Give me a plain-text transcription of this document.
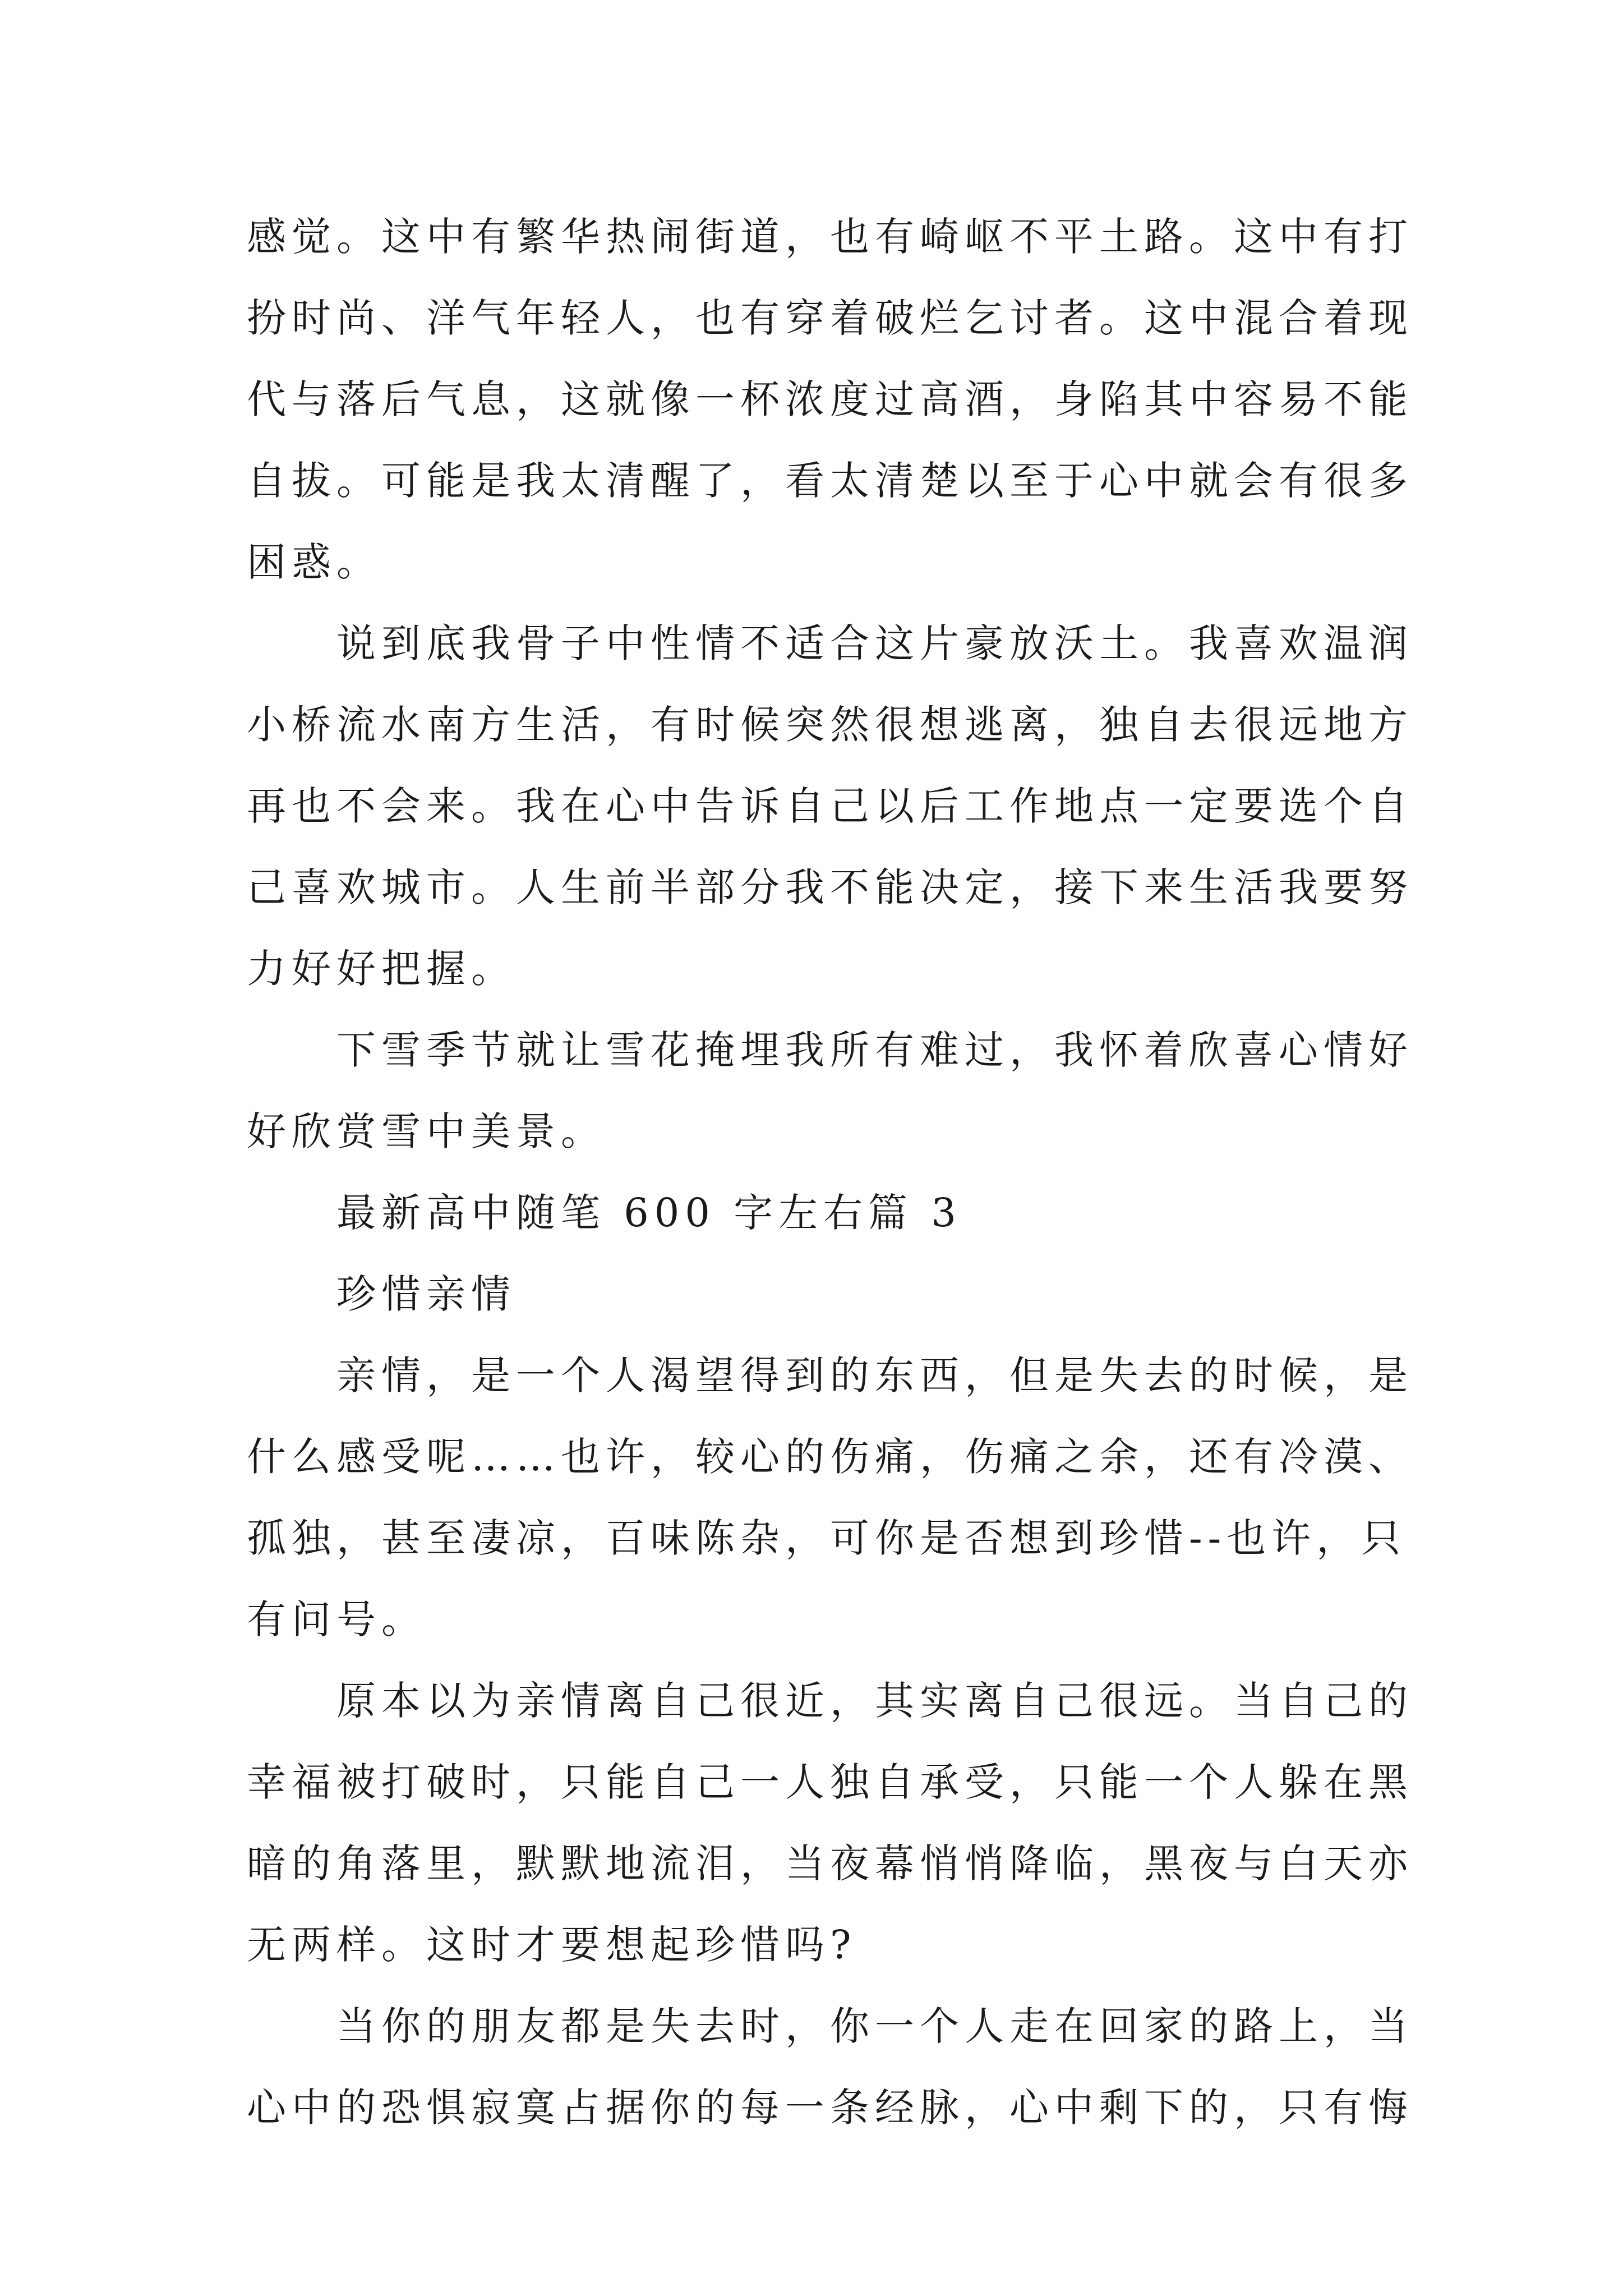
感觉。这中有繁华热闹街道，也有崎岖不平土路。这中有打
扮时尚、洋气年轻人，也有穿着破烂乞讨者。这中混合着现
代与落后气息，这就像一杯浓度过高酒，身陷其中容易不能
自拔。可能是我太清醒了，看太清楚以至于心中就会有很多
困惑。
说到底我骨子中性情不适合这片豪放沃土。我喜欢温润
小桥流水南方生活，有时候突然很想逃离，独自去很远地方
再也不会来。我在心中告诉自己以后工作地点一定要选个自
己喜欢城市。人生前半部分我不能决定，接下来生活我要努
力好好把握。
下雪季节就让雪花掩埋我所有难过，我怀着欣喜心情好
好欣赏雪中美景。
最新高中随笔 600 字左右篇 3
珍惜亲情
亲情，是一个人渴望得到的东西，但是失去的时候，是
什么感受呢……也许，较心的伤痛，伤痛之余，还有冷漠、
孤独，甚至凄凉，百味陈杂，可你是否想到珍惜--也许，只
有问号。
原本以为亲情离自己很近，其实离自己很远。当自己的
幸福被打破时，只能自己一人独自承受，只能一个人躲在黑
暗的角落里，默默地流泪，当夜幕悄悄降临，黑夜与白天亦
无两样。这时才要想起珍惜吗?
当你的朋友都是失去时，你一个人走在回家的路上，当
心中的恐惧寂寞占据你的每一条经脉，心中剩下的，只有悔
